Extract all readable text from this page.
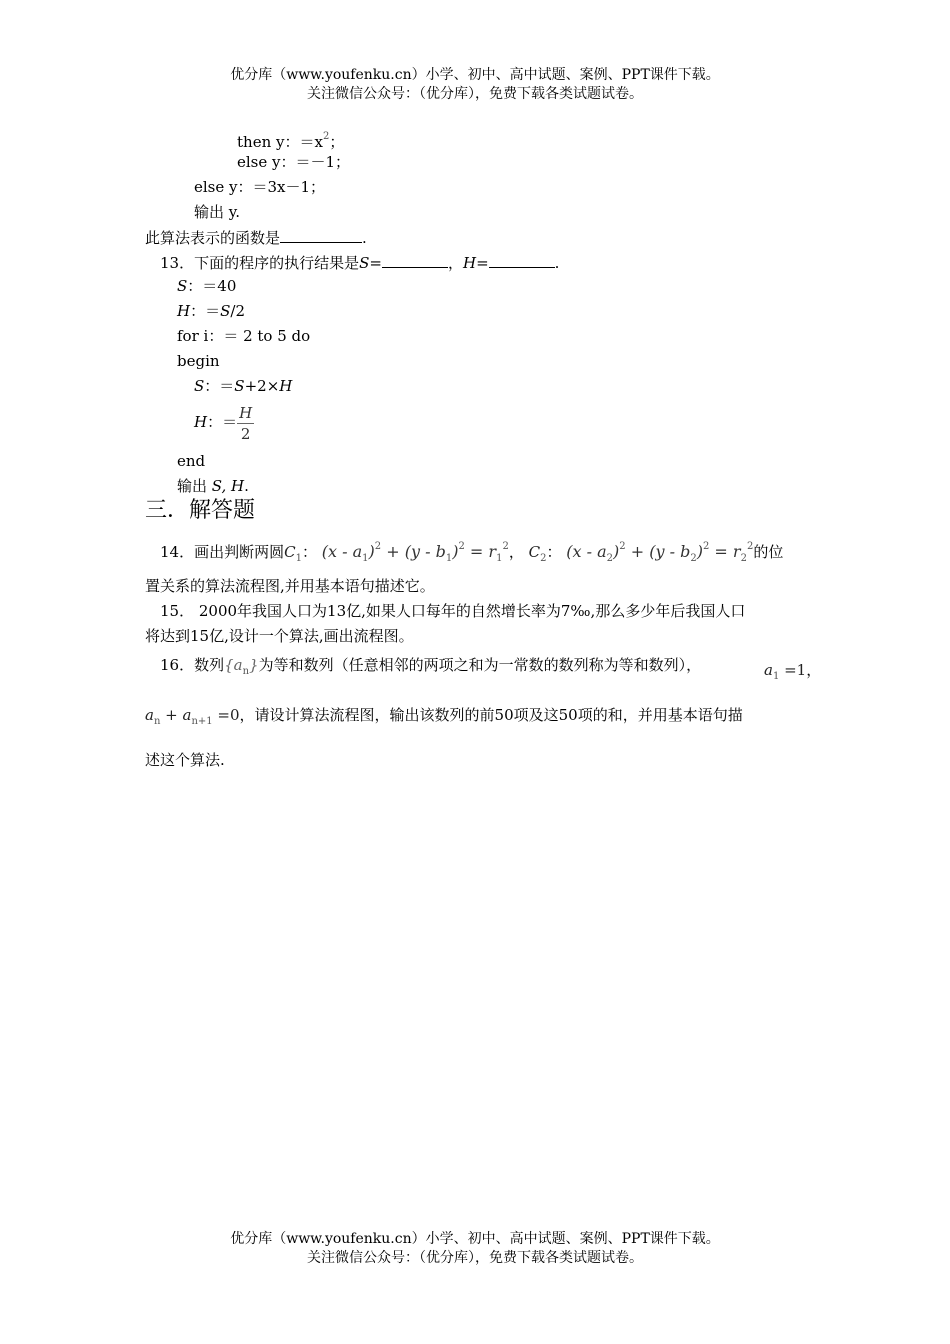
优分库（www.youfenku.cn）小学、初中、高中试题、案例、PPT课件下载。
关注微信公众号：（优分库），免费下载各类试题试卷。
then y：$=x^2$；
else y：＝－1；
else y：＝3x－1；
输出 y.
此算法表示的函数是	.
13．下面的程序的执行结果是S=	，H=	.
S：＝40
H：＝S/2
for i：＝ 2 to 5 do
begin
S：＝S+2×H
H：＝ $\frac{H}{2}$
end
输出 S, H.
三．解答题
14．画出判断两圆$C_1$： $(x - a_1)^2 + (y - b_1)^2 = r_1^2$， $C_2$： $(x - a_2)^2 + (y - b_2)^2 = r_2^2$的位
置关系的算法流程图,并用基本语句描述它。
15． 2000年我国人口为13亿,如果人口每年的自然增长率为7‰,那么多少年后我国人口
将达到15亿,设计一个算法,画出流程图。
16．数列$\{a_n\}$为等和数列（任意相邻的两项之和为一常数的数列称为等和数列），	$a_1 =1$，
$a_n + a_{n+1} =0$，请设计算法流程图，输出该数列的前50项及这50项的和，并用基本语句描
述这个算法.
优分库（www.youfenku.cn）小学、初中、高中试题、案例、PPT课件下载。
关注微信公众号：（优分库），免费下载各类试题试卷。
